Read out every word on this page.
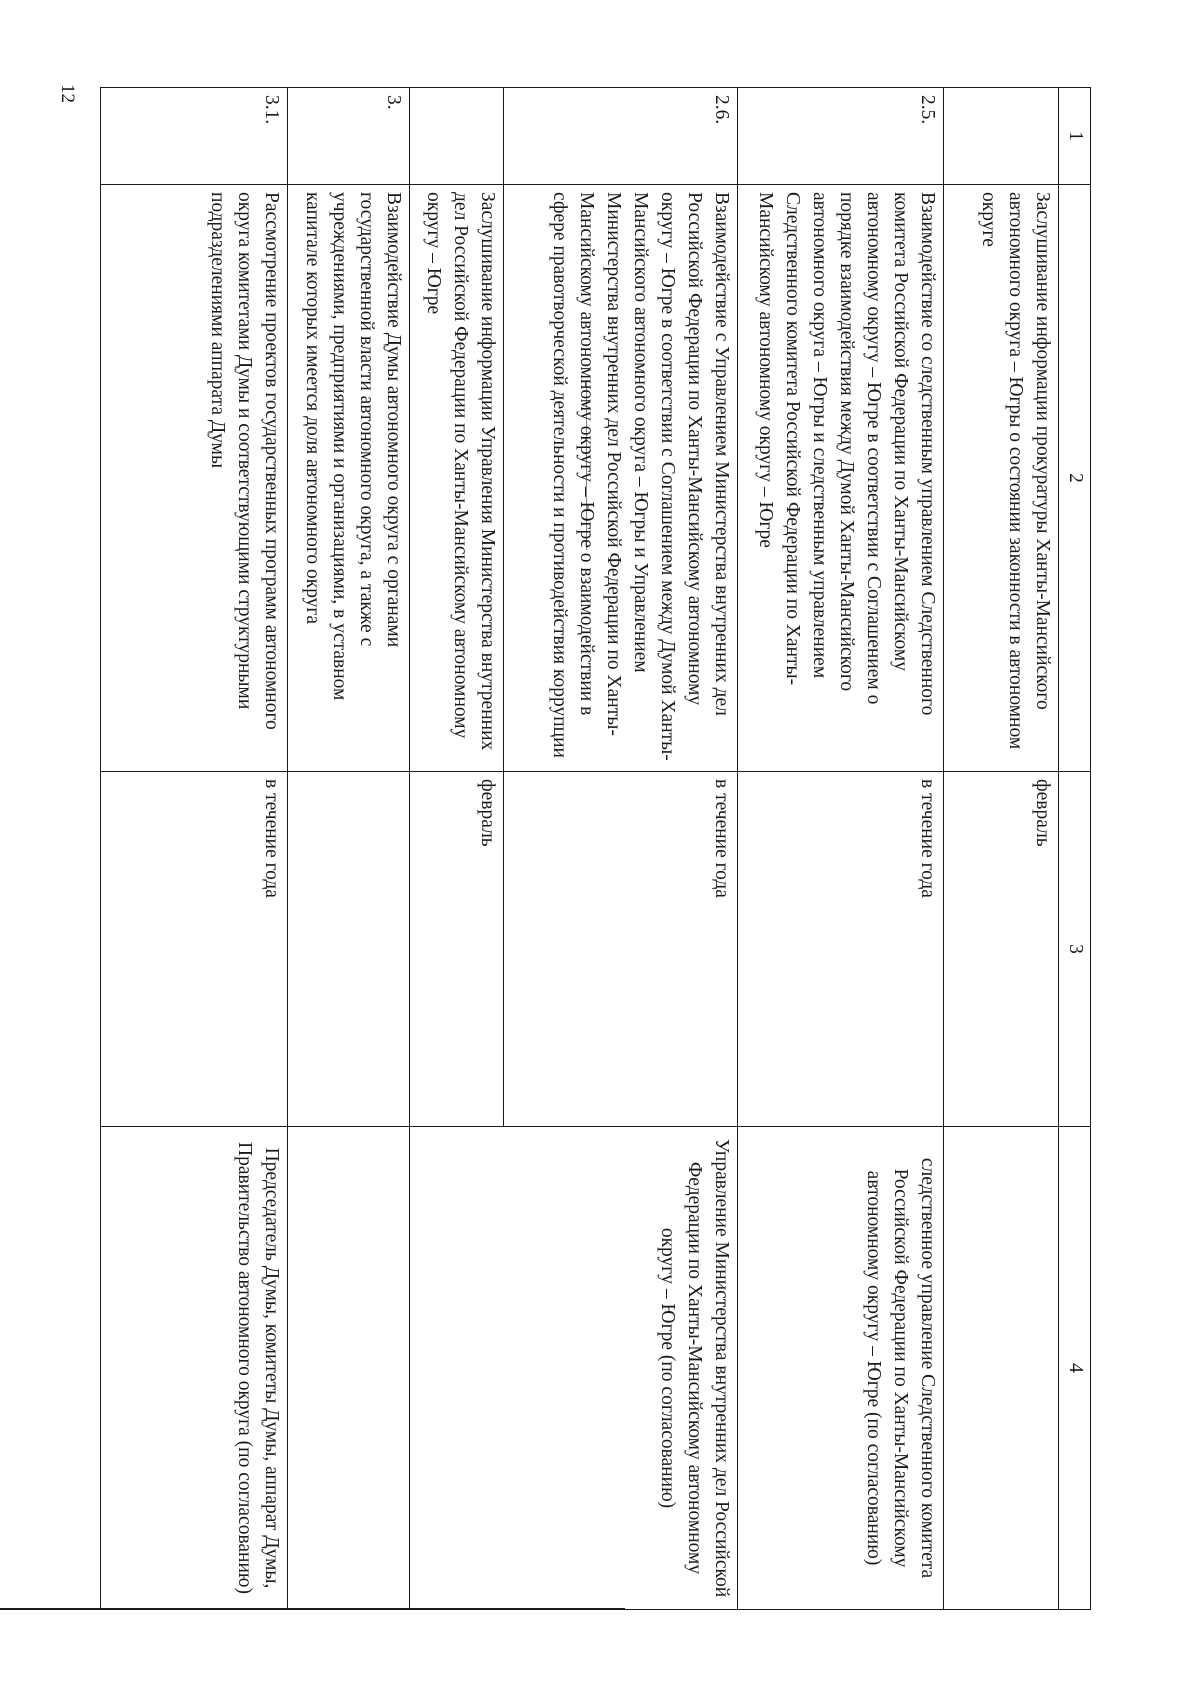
12
1	2	3	4
	Заслушивание информации прокуратуры Ханты-Мансийского автономного округа – Югры о состоянии законности в автономном округе	февраль	
2.5.	Взаимодействие со следственным управлением Следственного комитета Российской Федерации по Ханты-Мансийскому автономному округу – Югре в соответствии с Соглашением о порядке взаимодействия между Думой Ханты-Мансийского автономного округа – Югры и следственным управлением Следственного комитета Российской Федерации по Ханты-Мансийскому автономному округу – Югре	в течение года	следственное управление Следственного комитета Российской Федерации по Ханты-Мансийскому автономному округу – Югре (по согласованию)
2.6.	Взаимодействие с Управлением Министерства внутренних дел Российской Федерации по Ханты-Мансийскому автономному округу – Югре в соответствии с Соглашением между Думой Ханты-Мансийского автономного округа – Югры и Управлением Министерства внутренних дел Российской Федерации по Ханты-Мансийскому автономному округу – Югре о взаимодействии в сфере правотворческой деятельности и противодействия коррупции	в течение года	Управление Министерства внутренних дел Российской Федерации по Ханты-Мансийскому автономному округу – Югре (по согласованию)
	Заслушивание информации Управления Министерства внутренних дел Российской Федерации по Ханты-Мансийскому автономному округу – Югре	февраль	
3.	Взаимодействие Думы автономного округа с органами государственной власти автономного округа, а также с учреждениями, предприятиями и организациями, в уставном капитале которых имеется доля автономного округа		
3.1.	Рассмотрение проектов государственных программ автономного округа комитетами Думы и соответствующими структурными подразделениями аппарата Думы	в течение года	Председатель Думы, комитеты Думы, аппарат Думы, Правительство автономного округа (по согласованию)
